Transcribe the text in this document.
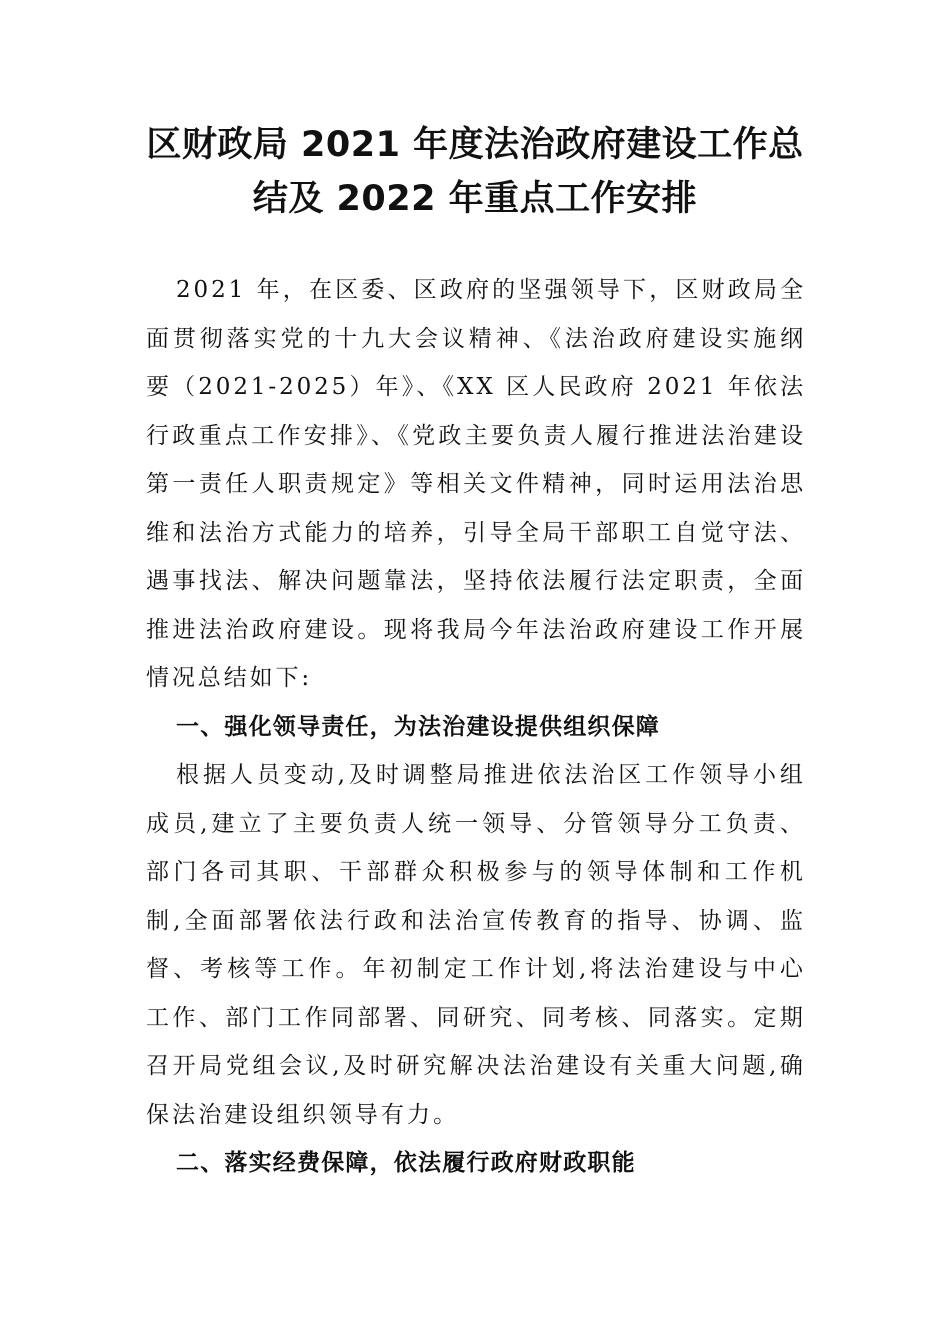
区财政局 2021 年度法治政府建设工作总
结及 2022 年重点工作安排

2021 年，在区委、区政府的坚强领导下，区财政局全面贯彻落实党的十九大会议精神、《法治政府建设实施纲要（2021-2025）年》、《XX 区人民政府 2021 年依法行政重点工作安排》、《党政主要负责人履行推进法治建设第一责任人职责规定》等相关文件精神，同时运用法治思维和法治方式能力的培养，引导全局干部职工自觉守法、遇事找法、解决问题靠法，坚持依法履行法定职责，全面推进法治政府建设。现将我局今年法治政府建设工作开展情况总结如下:

一、强化领导责任，为法治建设提供组织保障

根据人员变动,及时调整局推进依法治区工作领导小组成员,建立了主要负责人统一领导、分管领导分工负责、部门各司其职、干部群众积极参与的领导体制和工作机制,全面部署依法行政和法治宣传教育的指导、协调、监督、考核等工作。年初制定工作计划,将法治建设与中心工作、部门工作同部署、同研究、同考核、同落实。定期召开局党组会议,及时研究解决法治建设有关重大问题,确保法治建设组织领导有力。

二、落实经费保障，依法履行政府财政职能
